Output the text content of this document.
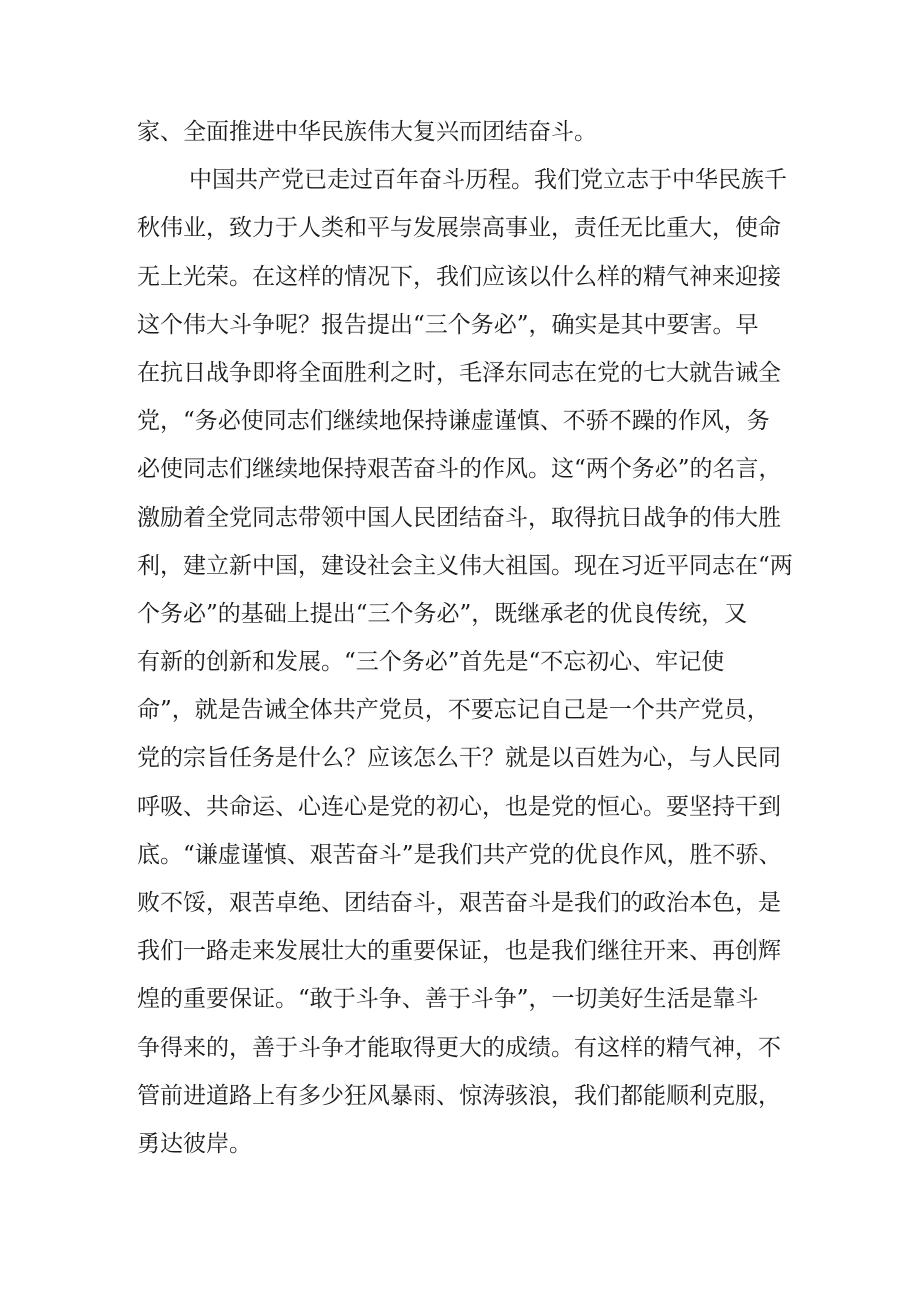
家、全面推进中华民族伟大复兴而团结奋斗。
中国共产党已走过百年奋斗历程。我们党立志于中华民族千
秋伟业，致力于人类和平与发展崇高事业，责任无比重大，使命
无上光荣。在这样的情况下，我们应该以什么样的精气神来迎接
这个伟大斗争呢？报告提出“三个务必”，确实是其中要害。早
在抗日战争即将全面胜利之时，毛泽东同志在党的七大就告诫全
党，“务必使同志们继续地保持谦虚谨慎、不骄不躁的作风，务
必使同志们继续地保持艰苦奋斗的作风。这“两个务必”的名言，
激励着全党同志带领中国人民团结奋斗，取得抗日战争的伟大胜
利，建立新中国，建设社会主义伟大祖国。现在习近平同志在“两
个务必”的基础上提出“三个务必”，既继承老的优良传统，又
有新的创新和发展。“三个务必”首先是“不忘初心、牢记使
命”，就是告诫全体共产党员，不要忘记自己是一个共产党员，
党的宗旨任务是什么？应该怎么干？就是以百姓为心，与人民同
呼吸、共命运、心连心是党的初心，也是党的恒心。要坚持干到
底。“谦虚谨慎、艰苦奋斗”是我们共产党的优良作风，胜不骄、
败不馁，艰苦卓绝、团结奋斗，艰苦奋斗是我们的政治本色，是
我们一路走来发展壮大的重要保证，也是我们继往开来、再创辉
煌的重要保证。“敢于斗争、善于斗争”，一切美好生活是靠斗
争得来的，善于斗争才能取得更大的成绩。有这样的精气神，不
管前进道路上有多少狂风暴雨、惊涛骇浪，我们都能顺利克服，
勇达彼岸。
